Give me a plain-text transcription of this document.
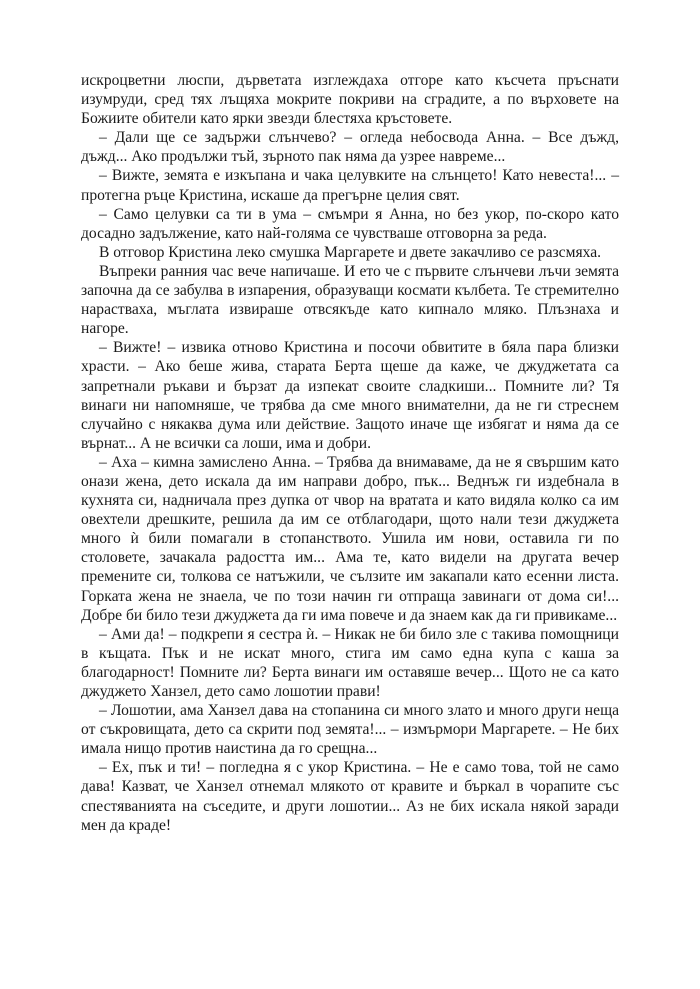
искроцветни люспи, дърветата изглеждаха отгоре като късчета пръснати изумруди, сред тях лъщяха мокрите покриви на сградите, а по върховете на Божиите обители като ярки звезди блестяха кръстовете.

– Дали ще се задържи слънчево? – огледа небосвода Анна. – Все дъжд, дъжд... Ако продължи тъй, зърното пак няма да узрее навреме...

– Вижте, земята е изкъпана и чака целувките на слънцето! Като невеста!... – протегна ръце Кристина, искаше да прегърне целия свят.

– Само целувки са ти в ума – смъмри я Анна, но без укор, по-скоро като досадно задължение, като най-голяма се чувстваше отговорна за реда.

В отговор Кристина леко смушка Маргарете и двете закачливо се разсмяха.

Въпреки ранния час вече напичаше. И ето че с първите слънчеви лъчи земята започна да се забулва в изпарения, образуващи космати кълбета. Те стремително нарастваха, мъглата извираше отвсякъде като кипнало мляко. Плъзнаха и нагоре.

– Вижте! – извика отново Кристина и посочи обвитите в бяла пара близки храсти. – Ако беше жива, старата Берта щеше да каже, че джуджетата са запретнали ръкави и бързат да изпекат своите сладкиши... Помните ли? Тя винаги ни напомняше, че трябва да сме много внимателни, да не ги стреснем случайно с някаква дума или действие. Защото иначе ще избягат и няма да се върнат... А не всички са лоши, има и добри.

– Аха – кимна замислено Анна. – Трябва да внимаваме, да не я свършим като онази жена, дето искала да им направи добро, пък... Веднъж ги издебнала в кухнята си, надничала през дупка от чвор на вратата и като видяла колко са им овехтели дрешките, решила да им се отблагодари, щото нали тези джуджета много ѝ били помагали в стопанството. Ушила им нови, оставила ги по столовете, зачакала радостта им... Ама те, като видели на другата вечер премените си, толкова се натъжили, че сълзите им закапали като есенни листа. Горката жена не знаела, че по този начин ги отпраща завинаги от дома си!... Добре би било тези джуджета да ги има повече и да знаем как да ги привикаме...

– Ами да! – подкрепи я сестра ѝ. – Никак не би било зле с такива помощници в къщата. Пък и не искат много, стига им само една купа с каша за благодарност! Помните ли? Берта винаги им оставяше вечер... Щото не са като джуджето Ханзел, дето само лошотии прави!

– Лошотии, ама Ханзел дава на стопанина си много злато и много други неща от съкровищата, дето са скрити под земята!... – измърмори Маргарете. – Не бих имала нищо против наистина да го срещна...

– Ех, пък и ти! – погледна я с укор Кристина. – Не е само това, той не само дава! Казват, че Ханзел отнемал млякото от кравите и бъркал в чорапите със спестяванията на съседите, и други лошотии... Аз не бих искала някой заради мен да краде!
